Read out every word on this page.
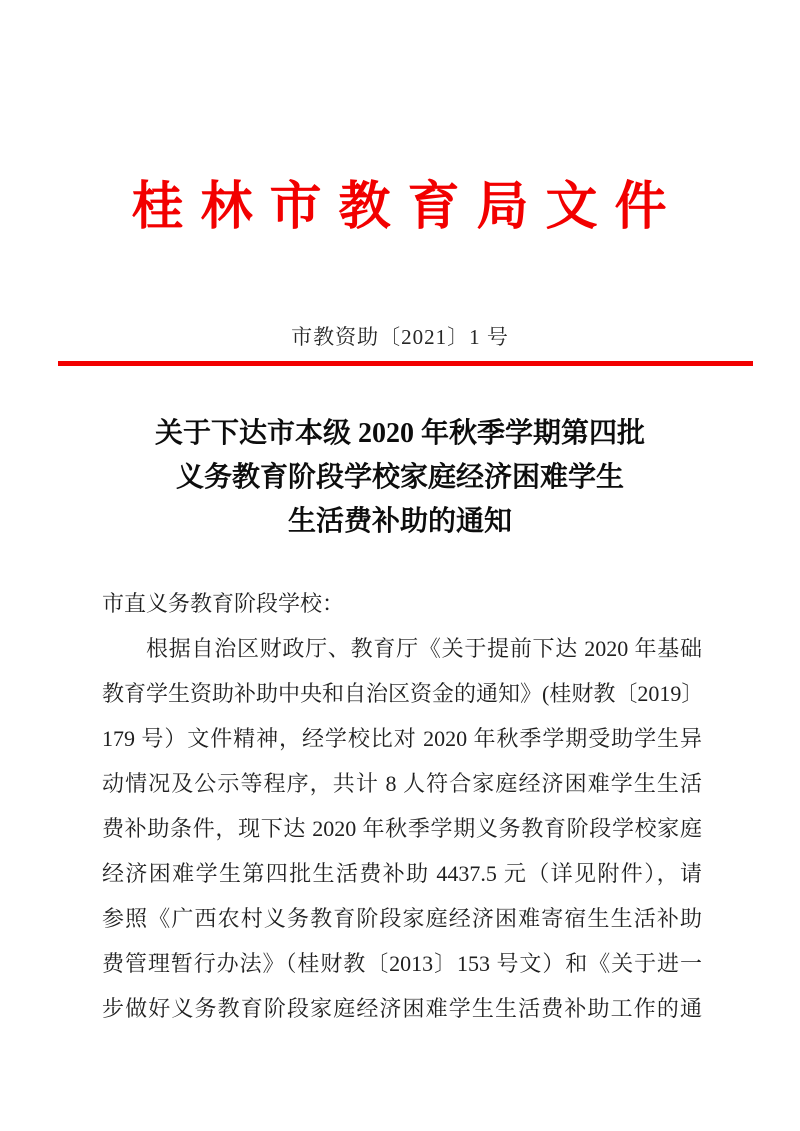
桂 林 市 教 育 局 文 件
市教资助〔2021〕1 号
关于下达市本级 2020 年秋季学期第四批
义务教育阶段学校家庭经济困难学生
生活费补助的通知
市直义务教育阶段学校：
根据自治区财政厅、教育厅《关于提前下达 2020 年基础
教育学生资助补助中央和自治区资金的通知》(桂财教〔2019〕
179 号）文件精神，经学校比对 2020 年秋季学期受助学生异
动情况及公示等程序，共计 8 人符合家庭经济困难学生生活
费补助条件，现下达 2020 年秋季学期义务教育阶段学校家庭
经济困难学生第四批生活费补助 4437.5 元（详见附件），请
参照《广西农村义务教育阶段家庭经济困难寄宿生生活补助
费管理暂行办法》（桂财教〔2013〕153 号文）和《关于进一
步做好义务教育阶段家庭经济困难学生生活费补助工作的通
